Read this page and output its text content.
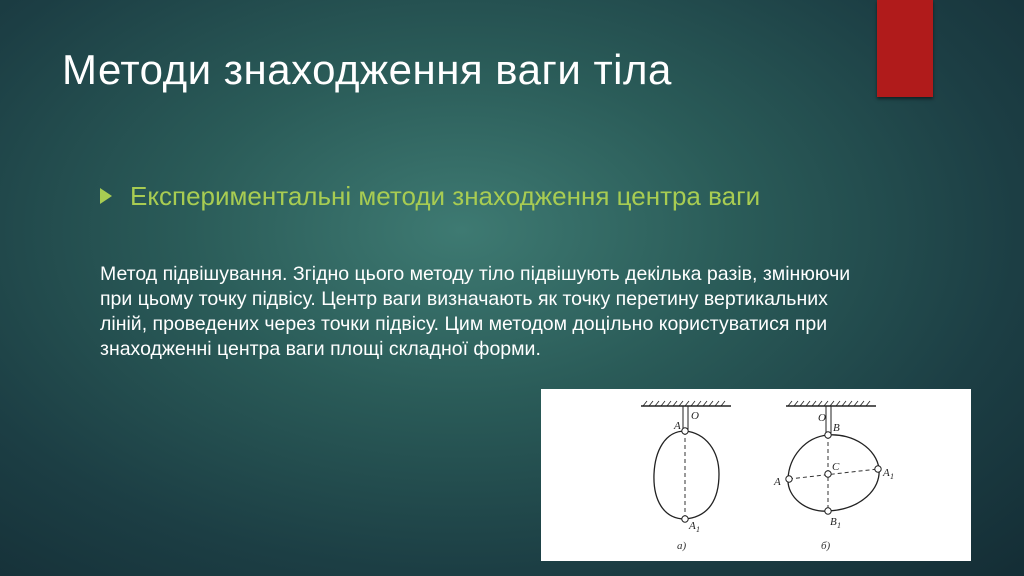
Методи знаходження ваги тіла
Експериментальні методи знаходження центра ваги
Метод підвішування. Згідно цього методу тіло підвішують декілька разів, змінюючи при цьому точку підвісу. Центр ваги визначають як точку перетину вертикальних ліній, проведених через точки підвісу. Цим методом доцільно користуватися при знаходженні центра ваги площі складної форми.
O
A
A 1
а)
O
B
C
A
A 1
B 1
б)
